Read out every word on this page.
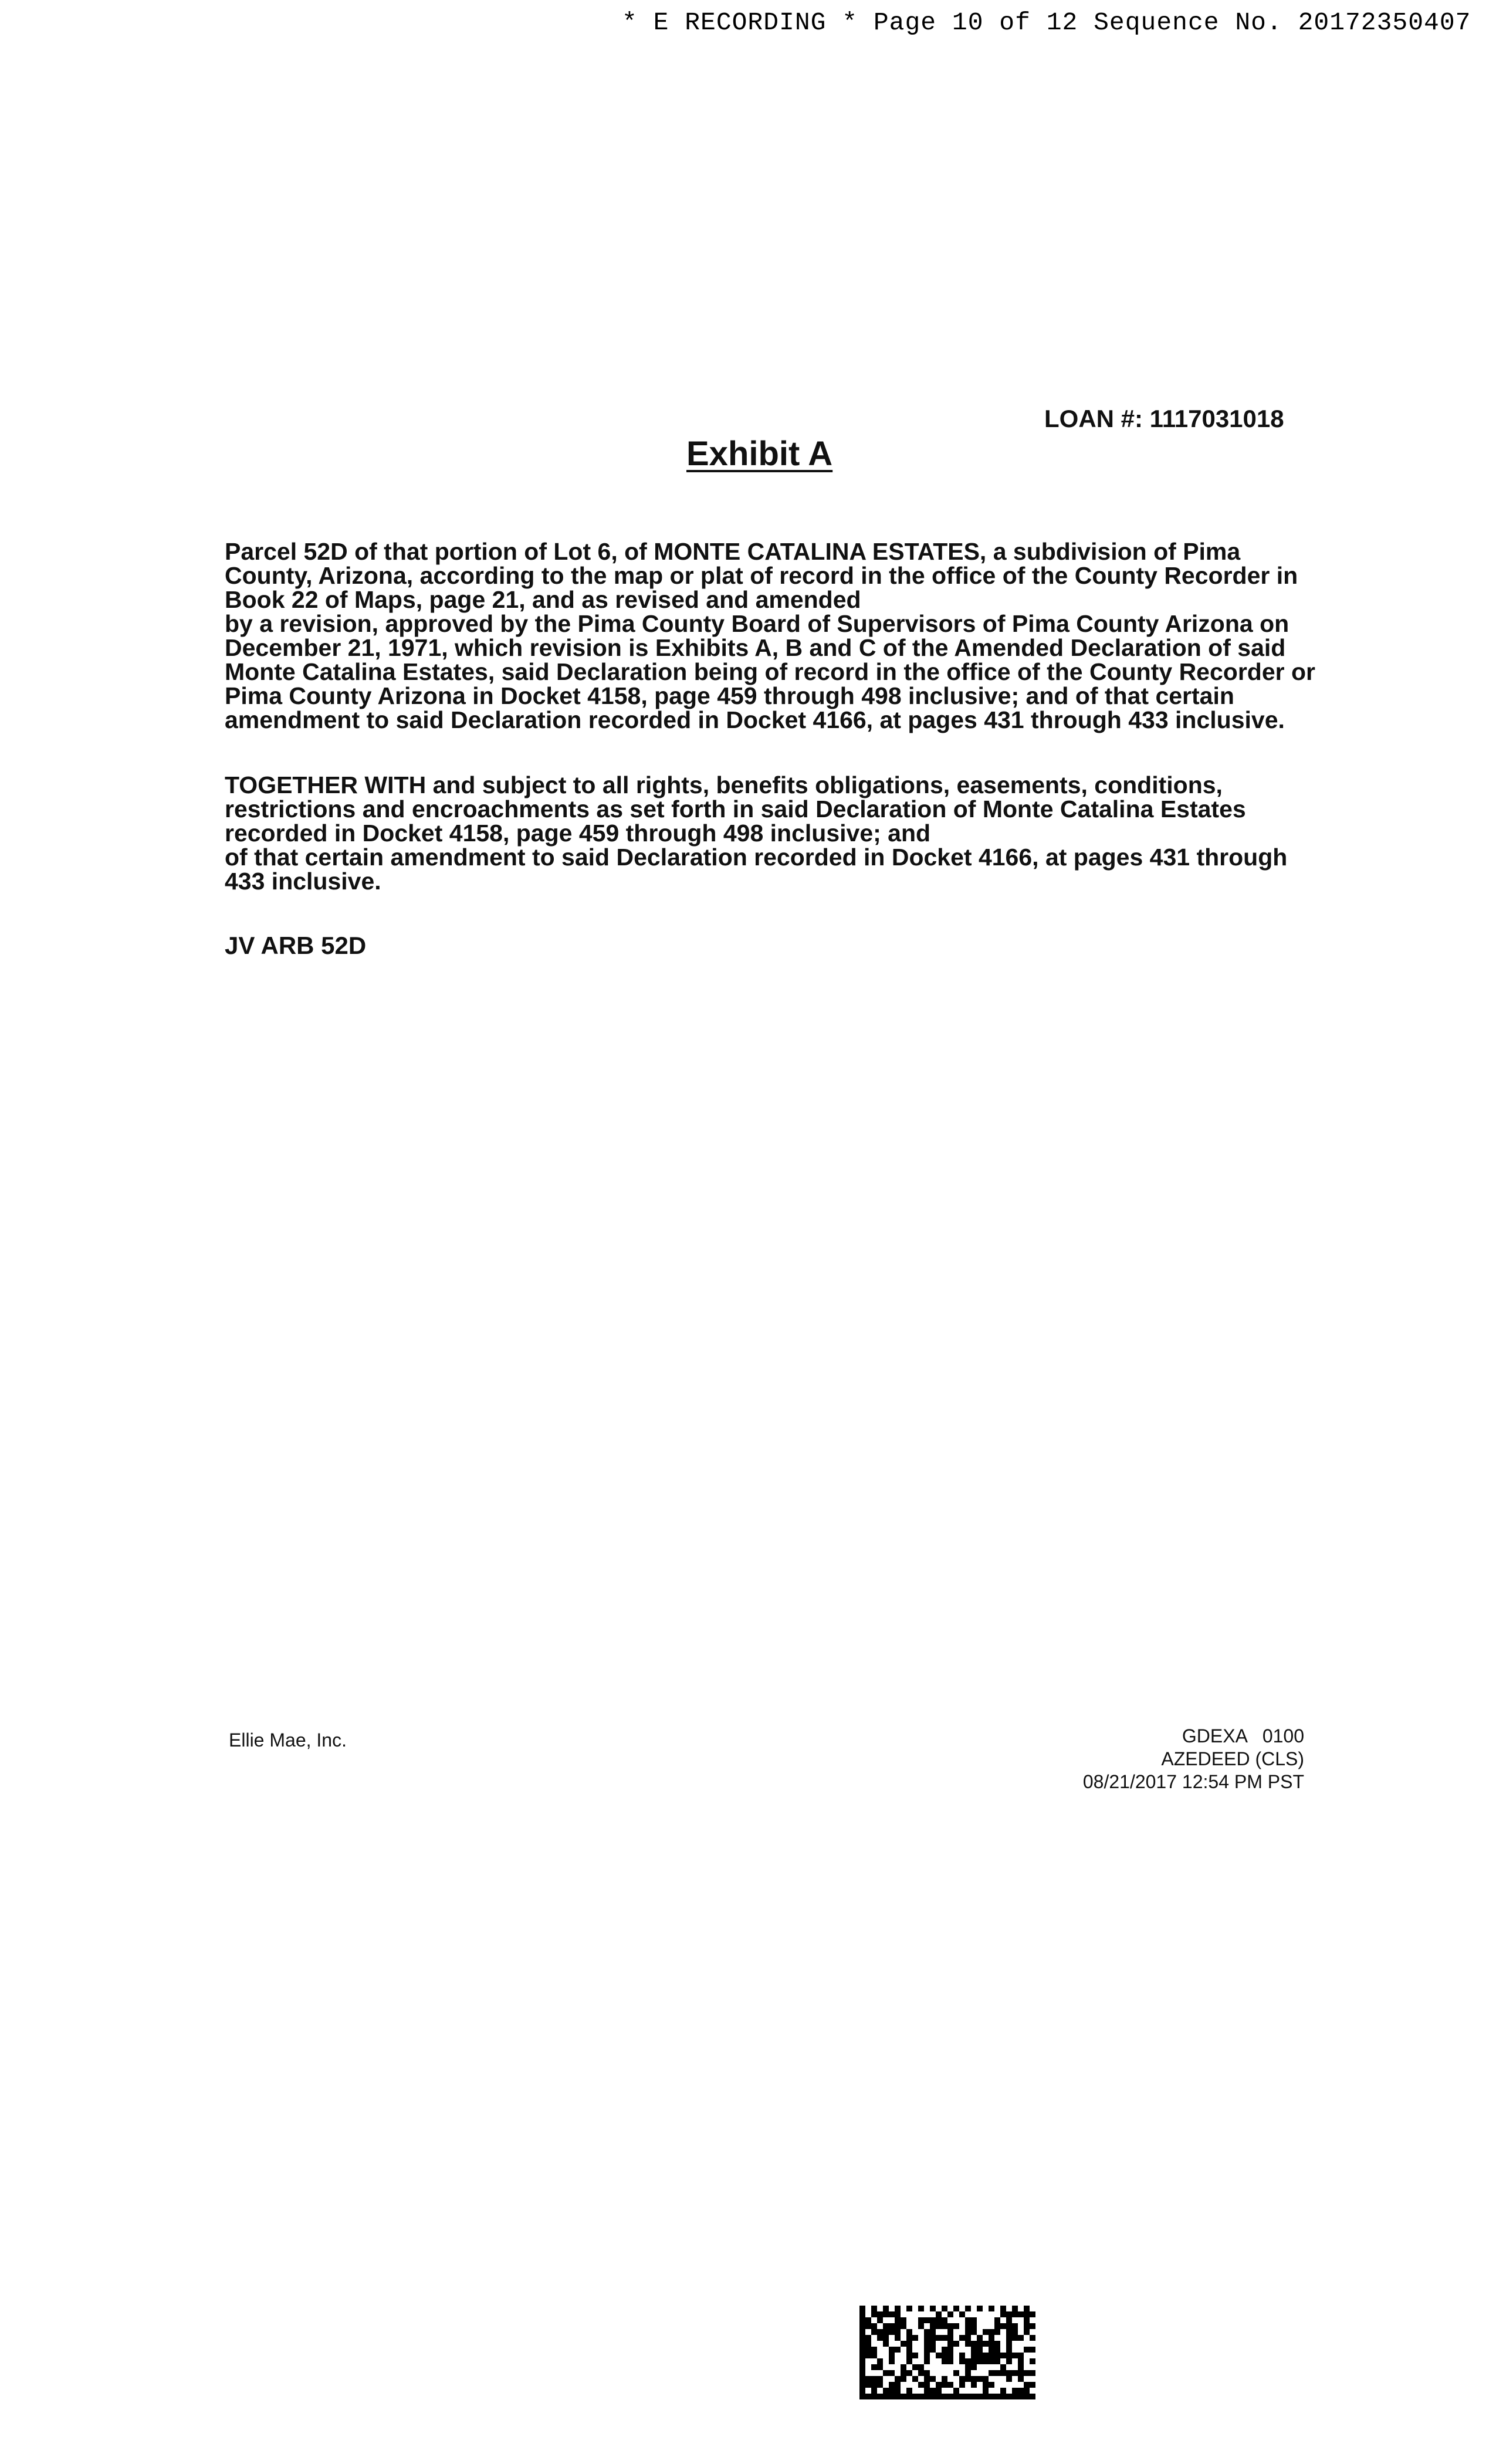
* E RECORDING * Page 10 of 12 Sequence No. 20172350407
LOAN #: 1117031018
Exhibit A
Parcel 52D of that portion of Lot 6, of MONTE CATALINA ESTATES, a subdivision of Pima
County, Arizona, according to the map or plat of record in the office of the County Recorder in
Book 22 of Maps, page 21, and as revised and amended
by a revision, approved by the Pima County Board of Supervisors of Pima County Arizona on
December 21, 1971, which revision is Exhibits A, B and C of the Amended Declaration of said
Monte Catalina Estates, said Declaration being of record in the office of the County Recorder or
Pima County Arizona in Docket 4158, page 459 through 498 inclusive; and of that certain
amendment to said Declaration recorded in Docket 4166, at pages 431 through 433 inclusive.
TOGETHER WITH and subject to all rights, benefits obligations, easements, conditions,
restrictions and encroachments as set forth in said Declaration of Monte Catalina Estates
recorded in Docket 4158, page 459 through 498 inclusive; and
of that certain amendment to said Declaration recorded in Docket 4166, at pages 431 through
433 inclusive.
JV ARB 52D
Ellie Mae, Inc.	GDEXA   0100
AZEDEED (CLS)
08/21/2017 12:54 PM PST
